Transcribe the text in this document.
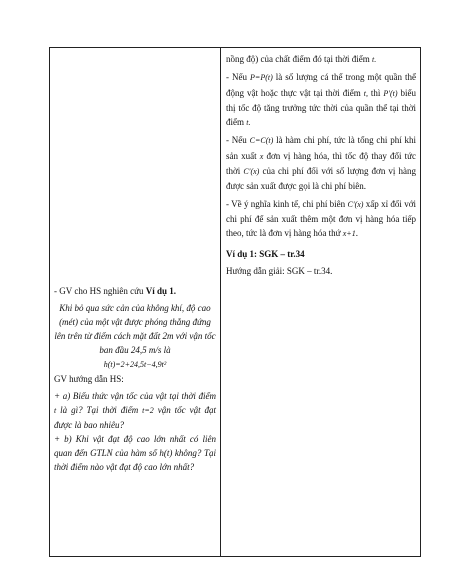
- GV cho HS nghiên cứu Ví dụ 1.

Khi bỏ qua sức cản của không khí, độ cao (mét) của một vật được phóng thẳng đứng lên trên từ điểm cách mặt đất 2m với vận tốc ban đầu 24,5 m/s là

h(t)=2+24,5t−4,9t²

GV hướng dẫn HS:

+ a) Biểu thức vận tốc của vật tại thời điểm t là gì? Tại thời điểm t=2 vận tốc vật đạt được là bao nhiêu?

+ b) Khi vật đạt độ cao lớn nhất có liên quan đến GTLN của hàm số h(t) không? Tại thời điểm nào vật đạt độ cao lớn nhất?

nồng độ) của chất điểm đó tại thời điểm t.

- Nếu P=P(t) là số lượng cá thể trong một quần thể động vật hoặc thực vật tại thời điểm t, thì P′(t) biểu thị tốc độ tăng trưởng tức thời của quần thể tại thời điểm t.

- Nếu C=C(t) là hàm chi phí, tức là tổng chi phí khi sản xuất x đơn vị hàng hóa, thì tốc độ thay đổi tức thời C′(x) của chi phí đối với số lượng đơn vị hàng được sản xuất được gọi là chi phí biên.

- Về ý nghĩa kinh tế, chi phí biên C′(x) xấp xỉ đối với chi phí để sản xuất thêm một đơn vị hàng hóa tiếp theo, tức là đơn vị hàng hóa thứ x+1.

Ví dụ 1: SGK – tr.34

Hướng dẫn giải: SGK – tr.34.
